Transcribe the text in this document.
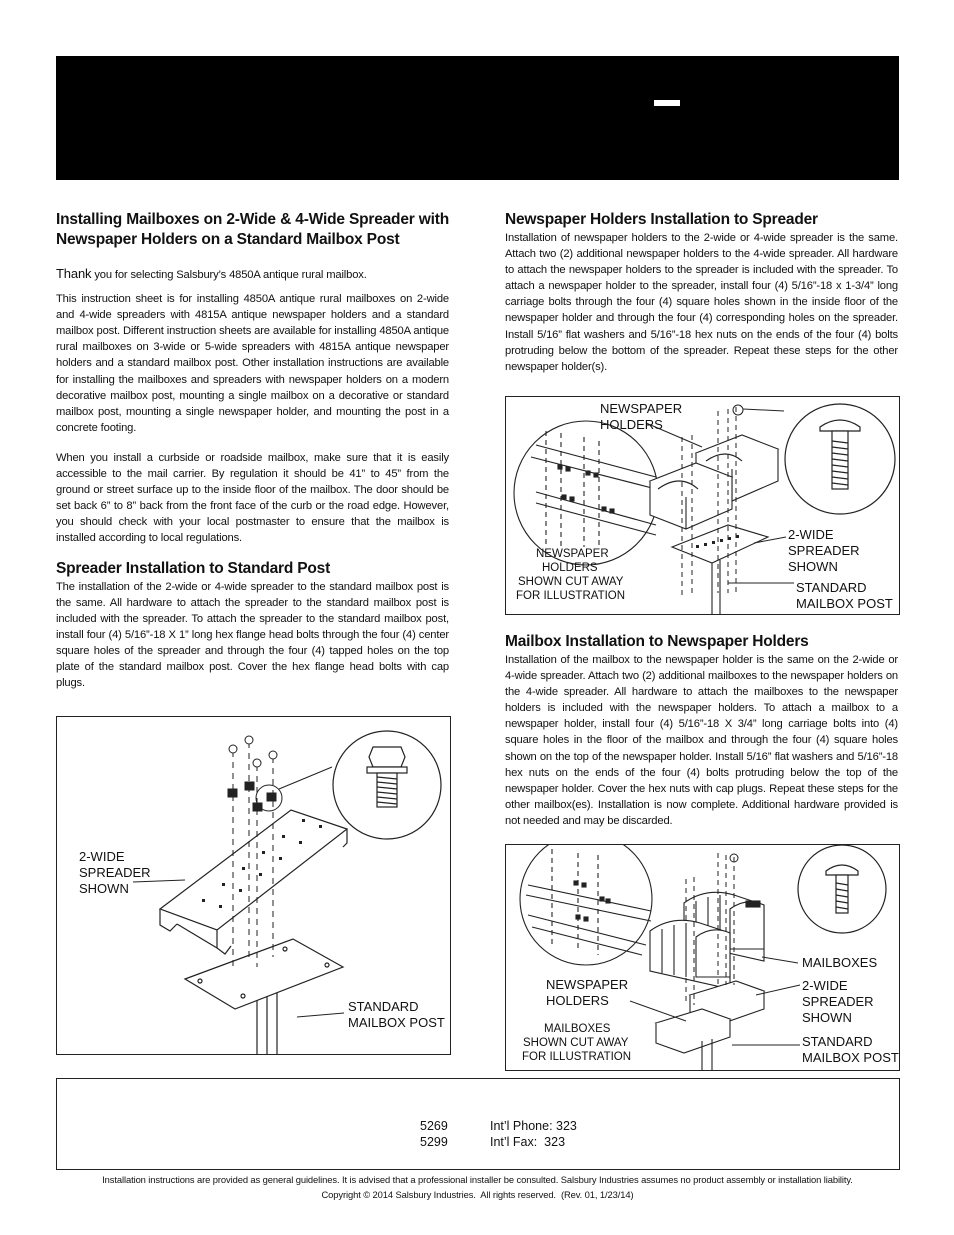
Installing Mailboxes on 2-Wide & 4-Wide Spreader with Newspaper Holders on a Standard Mailbox Post

Thank you for selecting Salsbury’s 4850A antique rural mailbox.

This instruction sheet is for installing 4850A antique rural mailboxes on 2-wide and 4-wide spreaders with 4815A antique newspaper holders and a standard mailbox post. Different instruction sheets are available for installing 4850A antique rural mailboxes on 3-wide or 5-wide spreaders with 4815A antique newspaper holders and a standard mailbox post. Other installation instructions are available for installing the mailboxes and spreaders with newspaper holders on a modern decorative mailbox post, mounting a single mailbox on a decorative or standard mailbox post, mounting a single newspaper holder, and mounting the post in a concrete footing.

When you install a curbside or roadside mailbox, make sure that it is easily accessible to the mail carrier. By regulation it should be 41” to 45” from the ground or street surface up to the inside floor of the mailbox. The door should be set back 6” to 8” back from the front face of the curb or the road edge. However, you should check with your local postmaster to ensure that the mailbox is installed according to local regulations.

Spreader Installation to Standard Post

The installation of the 2-wide or 4-wide spreader to the standard mailbox post is the same. All hardware to attach the spreader to the standard mailbox post is included with the spreader. To attach the spreader to the standard mailbox post, install four (4) 5/16”-18 X 1” long hex flange head bolts through the four (4) center square holes of the spreader and through the four (4) tapped holes on the top plate of the standard mailbox post. Cover the hex flange head bolts with cap plugs.

Newspaper Holders Installation to Spreader

Installation of newspaper holders to the 2-wide or 4-wide spreader is the same. Attach two (2) additional newspaper holders to the 4-wide spreader. All hardware to attach the newspaper holders to the spreader is included with the spreader. To attach a newspaper holder to the spreader, install four (4) 5/16”-18 x 1-3/4” long carriage bolts through the four (4) square holes shown in the inside floor of the newspaper holder and through the four (4) corresponding holes on the spreader. Install 5/16” flat washers and 5/16”-18 hex nuts on the ends of the four (4) bolts protruding below the bottom of the spreader. Repeat these steps for the other newspaper holder(s).

Mailbox Installation to Newspaper Holders

Installation of the mailbox to the newspaper holder is the same on the 2-wide or 4-wide spreader. Attach two (2) additional mailboxes to the newspaper holders on the 4-wide spreader. All hardware to attach the mailboxes to the newspaper holders is included with the newspaper holders. To attach a mailbox to a newspaper holder, install four (4) 5/16”-18 X 3/4” long carriage bolts into (4) square holes in the floor of the mailbox and through the four (4) square holes shown on the top of the newspaper holder. Install 5/16” flat washers and 5/16”-18 hex nuts on the ends of the four (4) bolts protruding below the top of the newspaper holder. Cover the hex nuts with cap plugs. Repeat these steps for the other mailbox(es). Installation is now complete. Additional hardware provided is not needed and may be discarded.

2-WIDE
SPREADER
SHOWN
STANDARD
MAILBOX POST
NEWSPAPER
HOLDERS
NEWSPAPER
HOLDERS
SHOWN CUT AWAY
FOR ILLUSTRATION
2-WIDE
SPREADER
SHOWN
STANDARD
MAILBOX POST
MAILBOXES
NEWSPAPER
HOLDERS
MAILBOXES
SHOWN CUT AWAY
FOR ILLUSTRATION
2-WIDE
SPREADER
SHOWN
STANDARD
MAILBOX POST
5269	Int’l Phone: 323
5299	Int’l Fax:  323
Installation instructions are provided as general guidelines. It is advised that a professional installer be consulted. Salsbury Industries assumes no product assembly or installation liability.
Copyright © 2014 Salsbury Industries.  All rights reserved.  (Rev. 01, 1/23/14)
